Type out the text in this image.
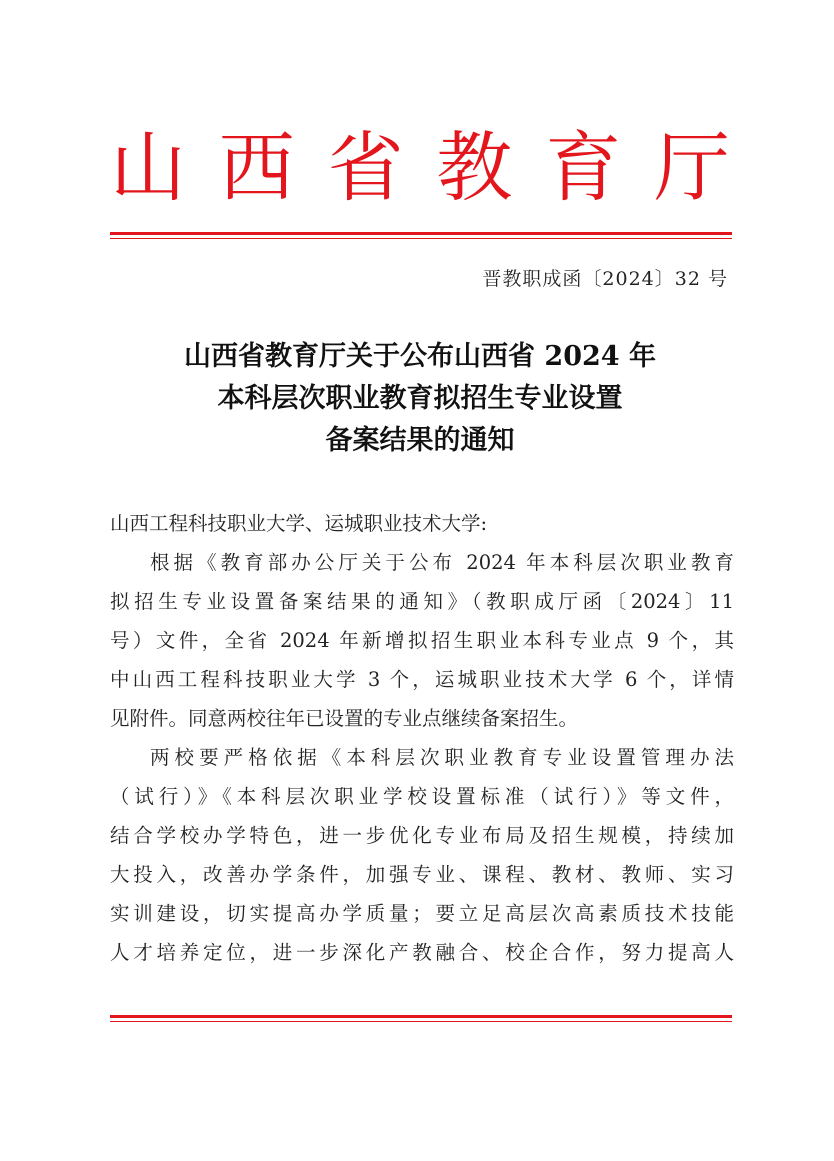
山 西 省 教 育 厅
晋教职成函〔2024〕32 号
山西省教育厅关于公布山西省 2024 年
本科层次职业教育拟招生专业设置
备案结果的通知
山西工程科技职业大学、运城职业技术大学:
根据《教育部办公厅关于公布 2024 年本科层次职业教育
拟招生专业设置备案结果的通知》（教职成厅函〔2024〕11
号）文件，全省 2024 年新增拟招生职业本科专业点 9 个，其
中山西工程科技职业大学 3 个，运城职业技术大学 6 个，详情
见附件。同意两校往年已设置的专业点继续备案招生。
两校要严格依据《本科层次职业教育专业设置管理办法
（试行）》《本科层次职业学校设置标准（试行）》等文件，
结合学校办学特色，进一步优化专业布局及招生规模，持续加
大投入，改善办学条件，加强专业、课程、教材、教师、实习
实训建设，切实提高办学质量；要立足高层次高素质技术技能
人才培养定位，进一步深化产教融合、校企合作，努力提高人
